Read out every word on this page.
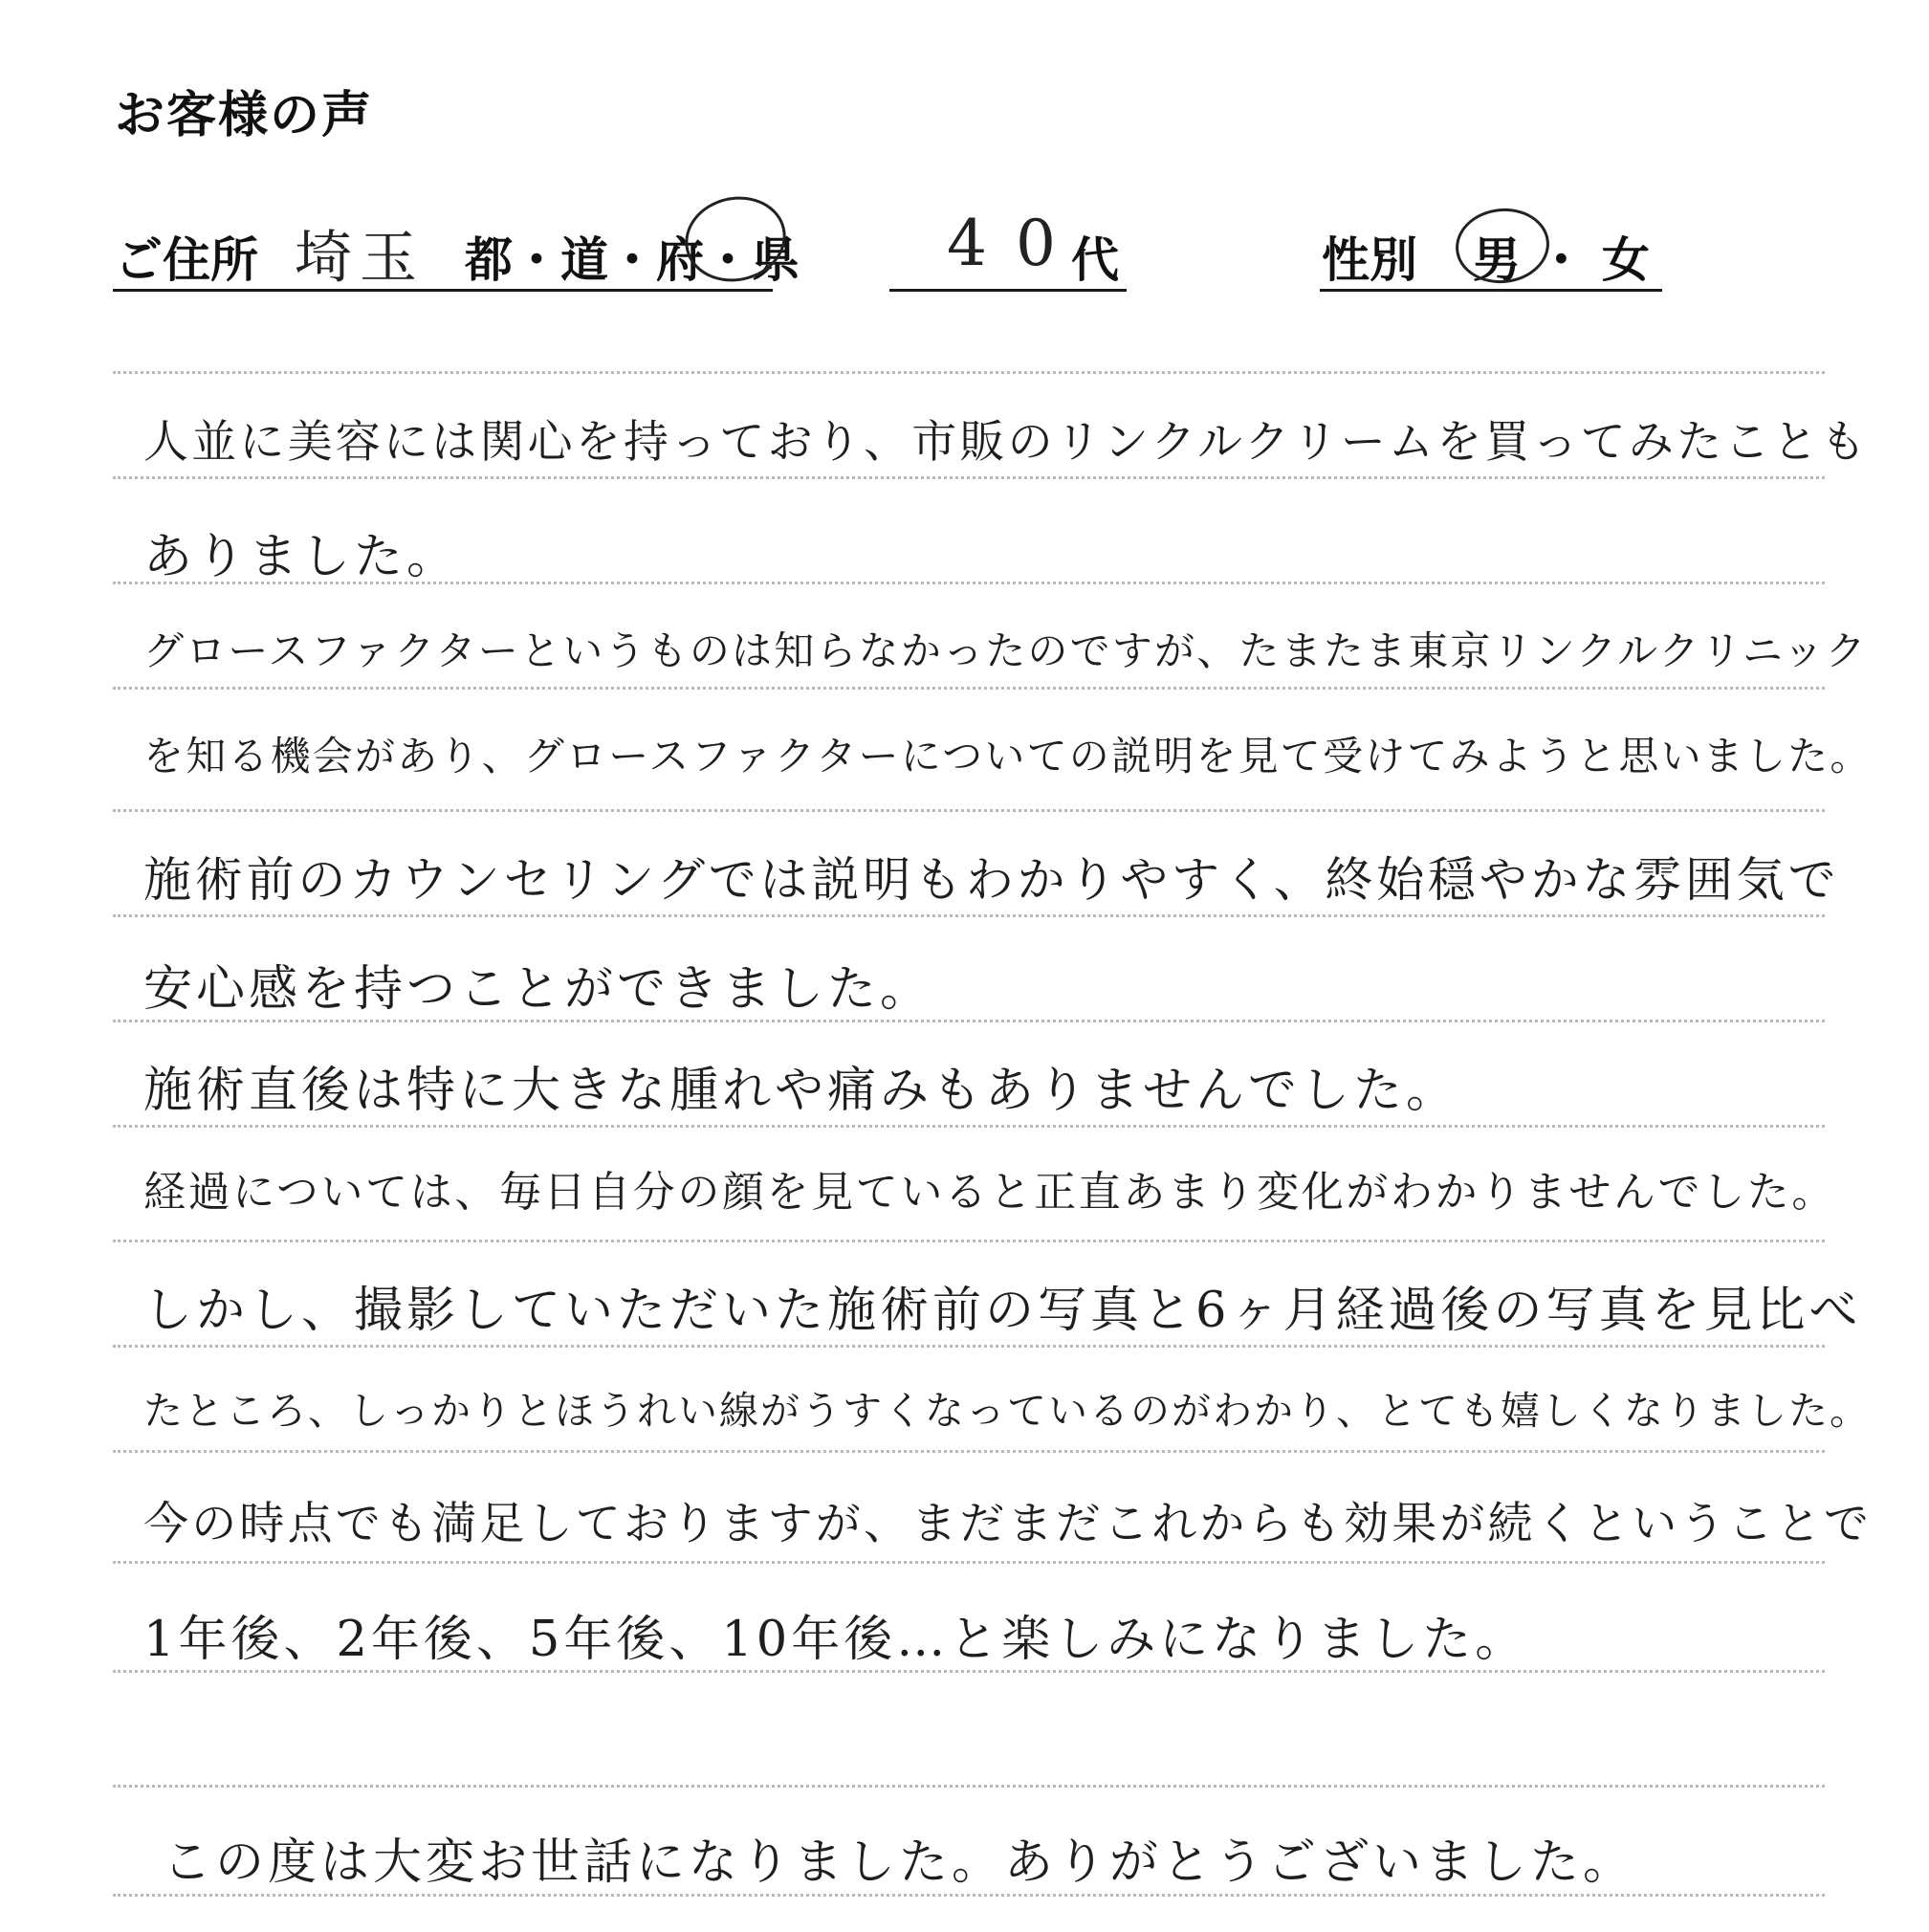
お客様の声
ご住所 埼玉 都・道・府・県 40
代	性別 男 ・ 女
人並に美容には関心を持っており、市販のリンクルクリームを買ってみたことも
ありました。
グロースファクターというものは知らなかったのですが、たまたま東京リンクルクリニック
を知る機会があり、グロースファクターについての説明を見て受けてみようと思いました。
施術前のカウンセリングでは説明もわかりやすく、終始穏やかな雰囲気で
安心感を持つことができました。
施術直後は特に大きな腫れや痛みもありませんでした。
経過については、毎日自分の顔を見ていると正直あまり変化がわかりませんでした。
しかし、撮影していただいた施術前の写真と6ヶ月経過後の写真を見比べ
たところ、しっかりとほうれい線がうすくなっているのがわかり、とても嬉しくなりました。
今の時点でも満足しておりますが、まだまだこれからも効果が続くということで
1年後、2年後、5年後、10年後…と楽しみになりました。
この度は大変お世話になりました。ありがとうございました。
